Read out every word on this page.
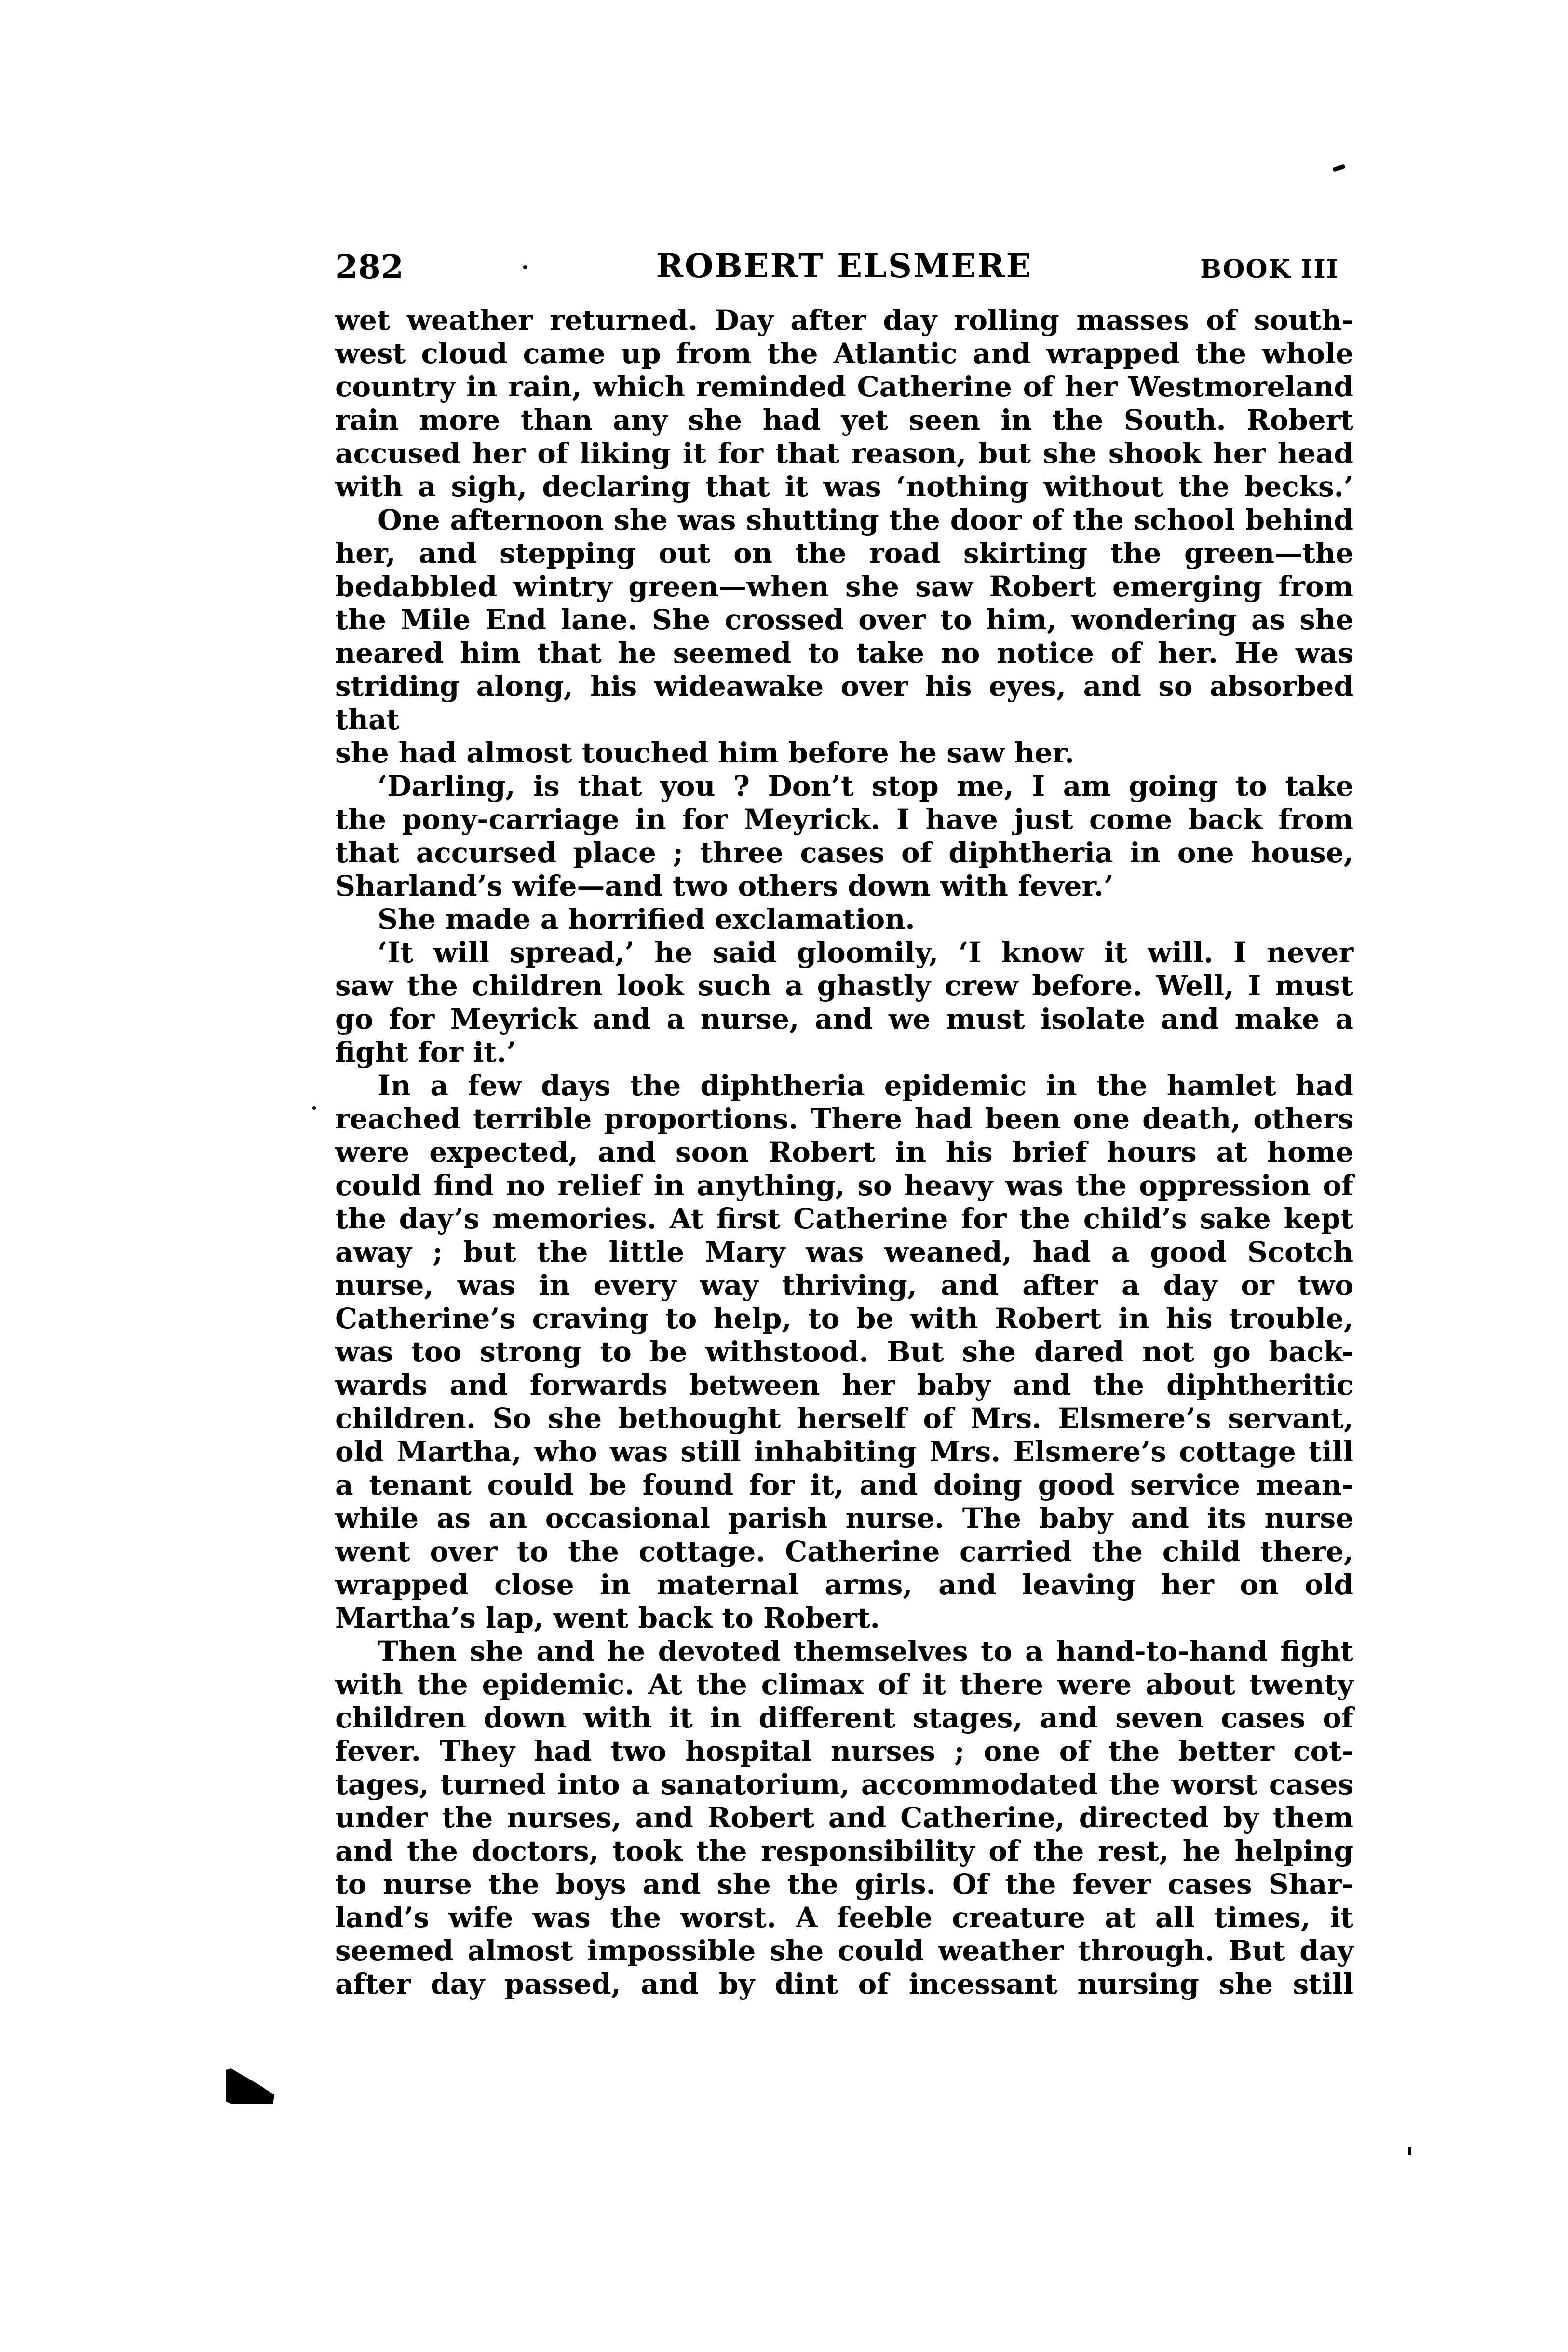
282	ROBERT ELSMERE	BOOK III
wet weather returned. Day after day rolling masses of south-
west cloud came up from the Atlantic and wrapped the whole
country in rain, which reminded Catherine of her Westmoreland
rain more than any she had yet seen in the South. Robert
accused her of liking it for that reason, but she shook her head
with a sigh, declaring that it was ‘nothing without the becks.’
One afternoon she was shutting the door of the school behind
her, and stepping out on the road skirting the green—the
bedabbled wintry green—when she saw Robert emerging from
the Mile End lane. She crossed over to him, wondering as she
neared him that he seemed to take no notice of her. He was
striding along, his wideawake over his eyes, and so absorbed that
she had almost touched him before he saw her.
‘Darling, is that you ? Don’t stop me, I am going to take
the pony-carriage in for Meyrick. I have just come back from
that accursed place ; three cases of diphtheria in one house,
Sharland’s wife—and two others down with fever.’
She made a horrified exclamation.
‘It will spread,’ he said gloomily, ‘I know it will. I never
saw the children look such a ghastly crew before. Well, I must
go for Meyrick and a nurse, and we must isolate and make a
fight for it.’
In a few days the diphtheria epidemic in the hamlet had
reached terrible proportions. There had been one death, others
were expected, and soon Robert in his brief hours at home
could find no relief in anything, so heavy was the oppression of
the day’s memories. At first Catherine for the child’s sake kept
away ; but the little Mary was weaned, had a good Scotch
nurse, was in every way thriving, and after a day or two
Catherine’s craving to help, to be with Robert in his trouble,
was too strong to be withstood. But she dared not go back-
wards and forwards between her baby and the diphtheritic
children. So she bethought herself of Mrs. Elsmere’s servant,
old Martha, who was still inhabiting Mrs. Elsmere’s cottage till
a tenant could be found for it, and doing good service mean-
while as an occasional parish nurse. The baby and its nurse
went over to the cottage. Catherine carried the child there,
wrapped close in maternal arms, and leaving her on old
Martha’s lap, went back to Robert.
Then she and he devoted themselves to a hand-to-hand fight
with the epidemic. At the climax of it there were about twenty
children down with it in different stages, and seven cases of
fever. They had two hospital nurses ; one of the better cot-
tages, turned into a sanatorium, accommodated the worst cases
under the nurses, and Robert and Catherine, directed by them
and the doctors, took the responsibility of the rest, he helping
to nurse the boys and she the girls. Of the fever cases Shar-
land’s wife was the worst. A feeble creature at all times, it
seemed almost impossible she could weather through. But day
after day passed, and by dint of incessant nursing she still
